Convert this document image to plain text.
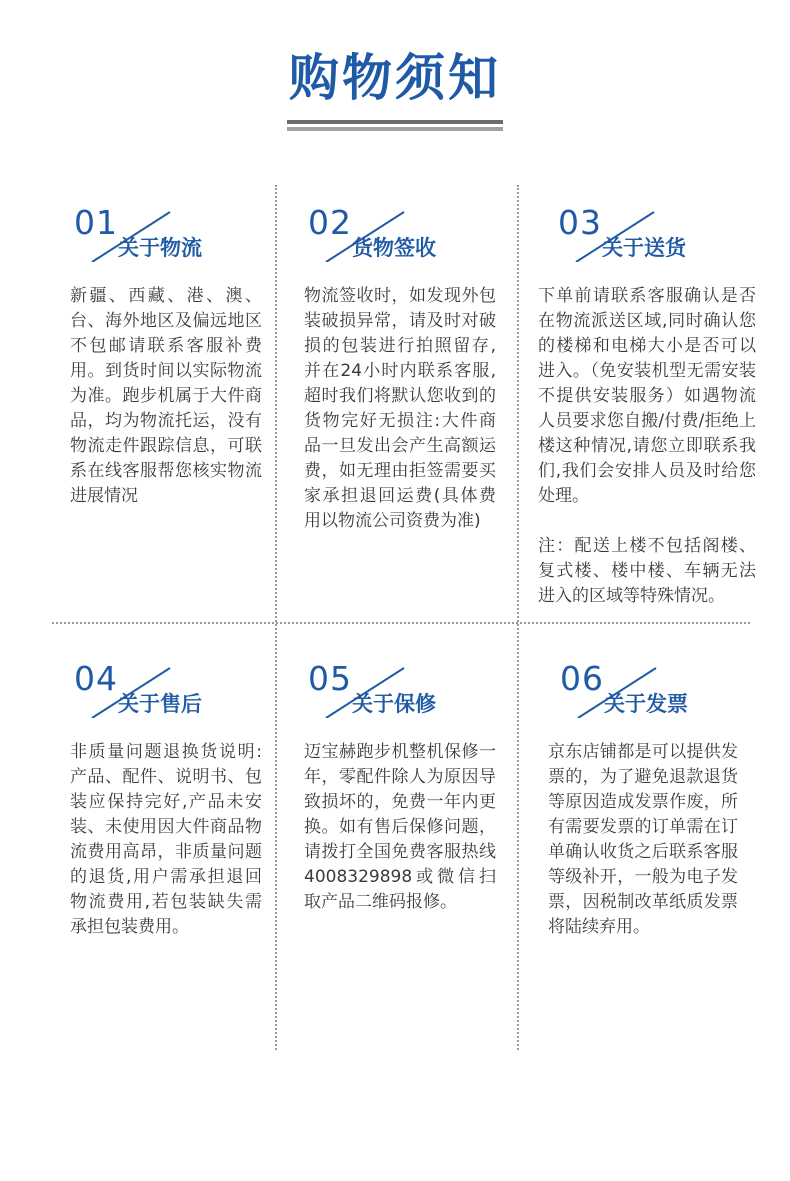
购物须知
01
关于物流

新疆、西藏、港、澳、台、海外地区及偏远地区不包邮请联系客服补费用。到货时间以实际物流为准。跑步机属于大件商品，均为物流托运，没有物流走件跟踪信息，可联系在线客服帮您核实物流进展情况

02
货物签收

物流签收时，如发现外包装破损异常，请及时对破损的包装进行拍照留存,并在24小时内联系客服,超时我们将默认您收到的货物完好无损注:大件商品一旦发出会产生高额运费，如无理由拒签需要买家承担退回运费(具体费用以物流公司资费为准)

03
关于送货

下单前请联系客服确认是否在物流派送区域,同时确认您的楼梯和电梯大小是否可以进入。（免安装机型无需安装不提供安装服务）如遇物流人员要求您自搬/付费/拒绝上楼这种情况,请您立即联系我们,我们会安排人员及时给您处理。

注：配送上楼不包括阁楼、复式楼、楼中楼、车辆无法进入的区域等特殊情况。

04
关于售后

非质量问题退换货说明:产品、配件、说明书、包装应保持完好,产品未安装、未使用因大件商品物流费用高昂，非质量问题的退货,用户需承担退回物流费用,若包装缺失需承担包装费用。

05
关于保修

迈宝赫跑步机整机保修一年，零配件除人为原因导致损坏的，免费一年内更换。如有售后保修问题，请拨打全国免费客服热线4008329898或微信扫取产品二维码报修。

06
关于发票

京东店铺都是可以提供发票的，为了避免退款退货等原因造成发票作废，所有需要发票的订单需在订单确认收货之后联系客服等级补开，一般为电子发票，因税制改革纸质发票将陆续弃用。
